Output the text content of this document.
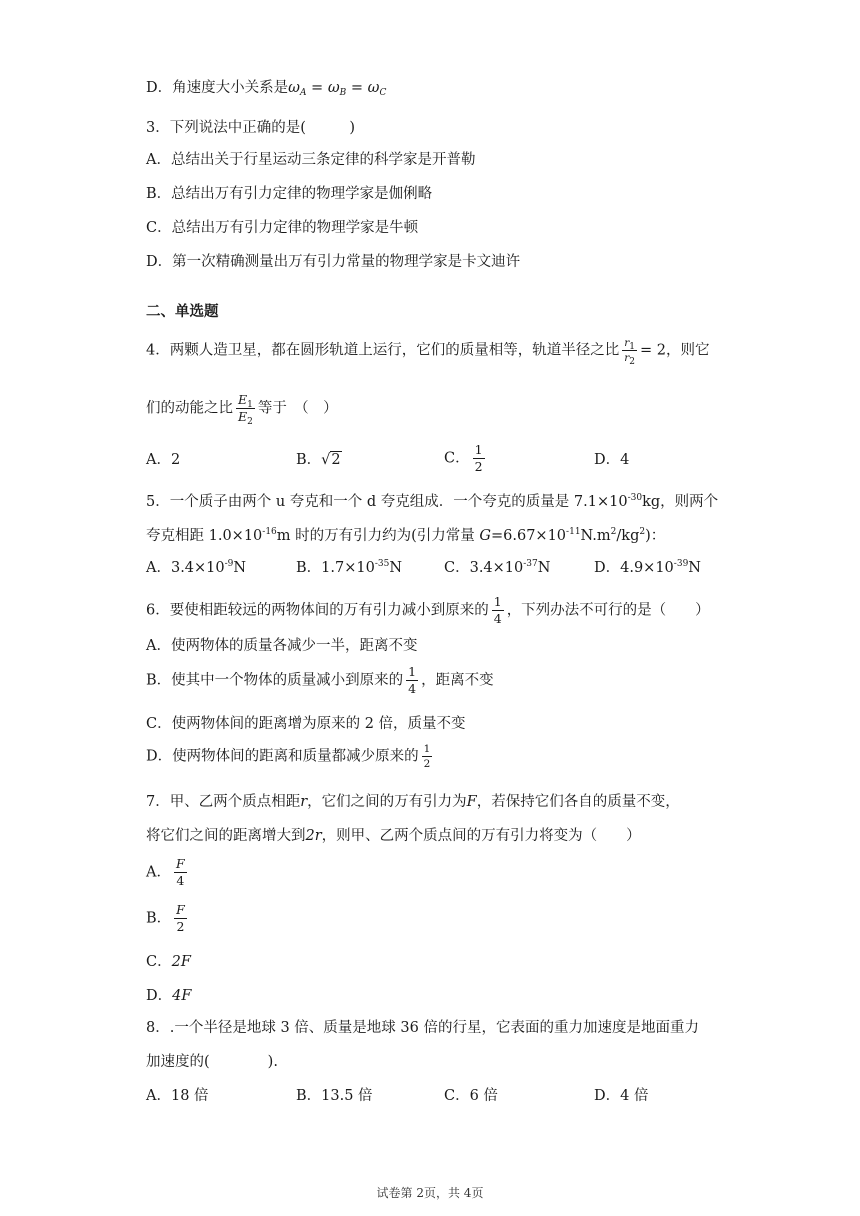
D．角速度大小关系是$\omega_A = \omega_B = \omega_C$
3．下列说法中正确的是(　　　)
A．总结出关于行星运动三条定律的科学家是开普勒
B．总结出万有引力定律的物理学家是伽俐略
C．总结出万有引力定律的物理学家是牛顿
D．第一次精确测量出万有引力常量的物理学家是卡文迪许
二、单选题
4．两颗人造卫星，都在圆形轨道上运行，它们的质量相等，轨道半径之比 $\frac{r_1}{r_2} = 2$，则它
们的动能之比 $\frac{E_1}{E_2}$ 等于　（　）
A．2	B．√2	C． $\frac{1}{2}$	D．4
5．一个质子由两个 u 夸克和一个 d 夸克组成．一个夸克的质量是 $7.1\times 10^{-30}kg$，则两个
夸克相距 $1.0\times 10^{-16}m$ 时的万有引力约为(引力常量 $G=6.67\times 10^{-11}N.m^2/kg^2$)：
A．$3.4\times 10^{-9}N$	B．$1.7\times 10^{-35}N$	C．$3.4\times 10^{-37}N$	D．$4.9\times 10^{-39}N$
6．要使相距较远的两物体间的万有引力减小到原来的 $\frac{1}{4}$ ，下列办法不可行的是（　　）
A．使两物体的质量各减少一半，距离不变
B．使其中一个物体的质量减小到原来的 $\frac{1}{4}$ ，距离不变
C．使两物体间的距离增为原来的 2 倍，质量不变
D．使两物体间的距离和质量都减少原来的 $\frac{1}{2}$
7．甲、乙两个质点相距r，它们之间的万有引力为F，若保持它们各自的质量不变，
将它们之间的距离增大到2r，则甲、乙两个质点间的万有引力将变为（　　）
A． $\frac{F}{4}$
B． $\frac{F}{2}$
C．2F
D．4F
8．.一个半径是地球 3 倍、质量是地球 36 倍的行星，它表面的重力加速度是地面重力
加速度的(　　　　).
A．18 倍	B．13.5 倍	C．6 倍	D．4 倍
试卷第 2页，共 4页
